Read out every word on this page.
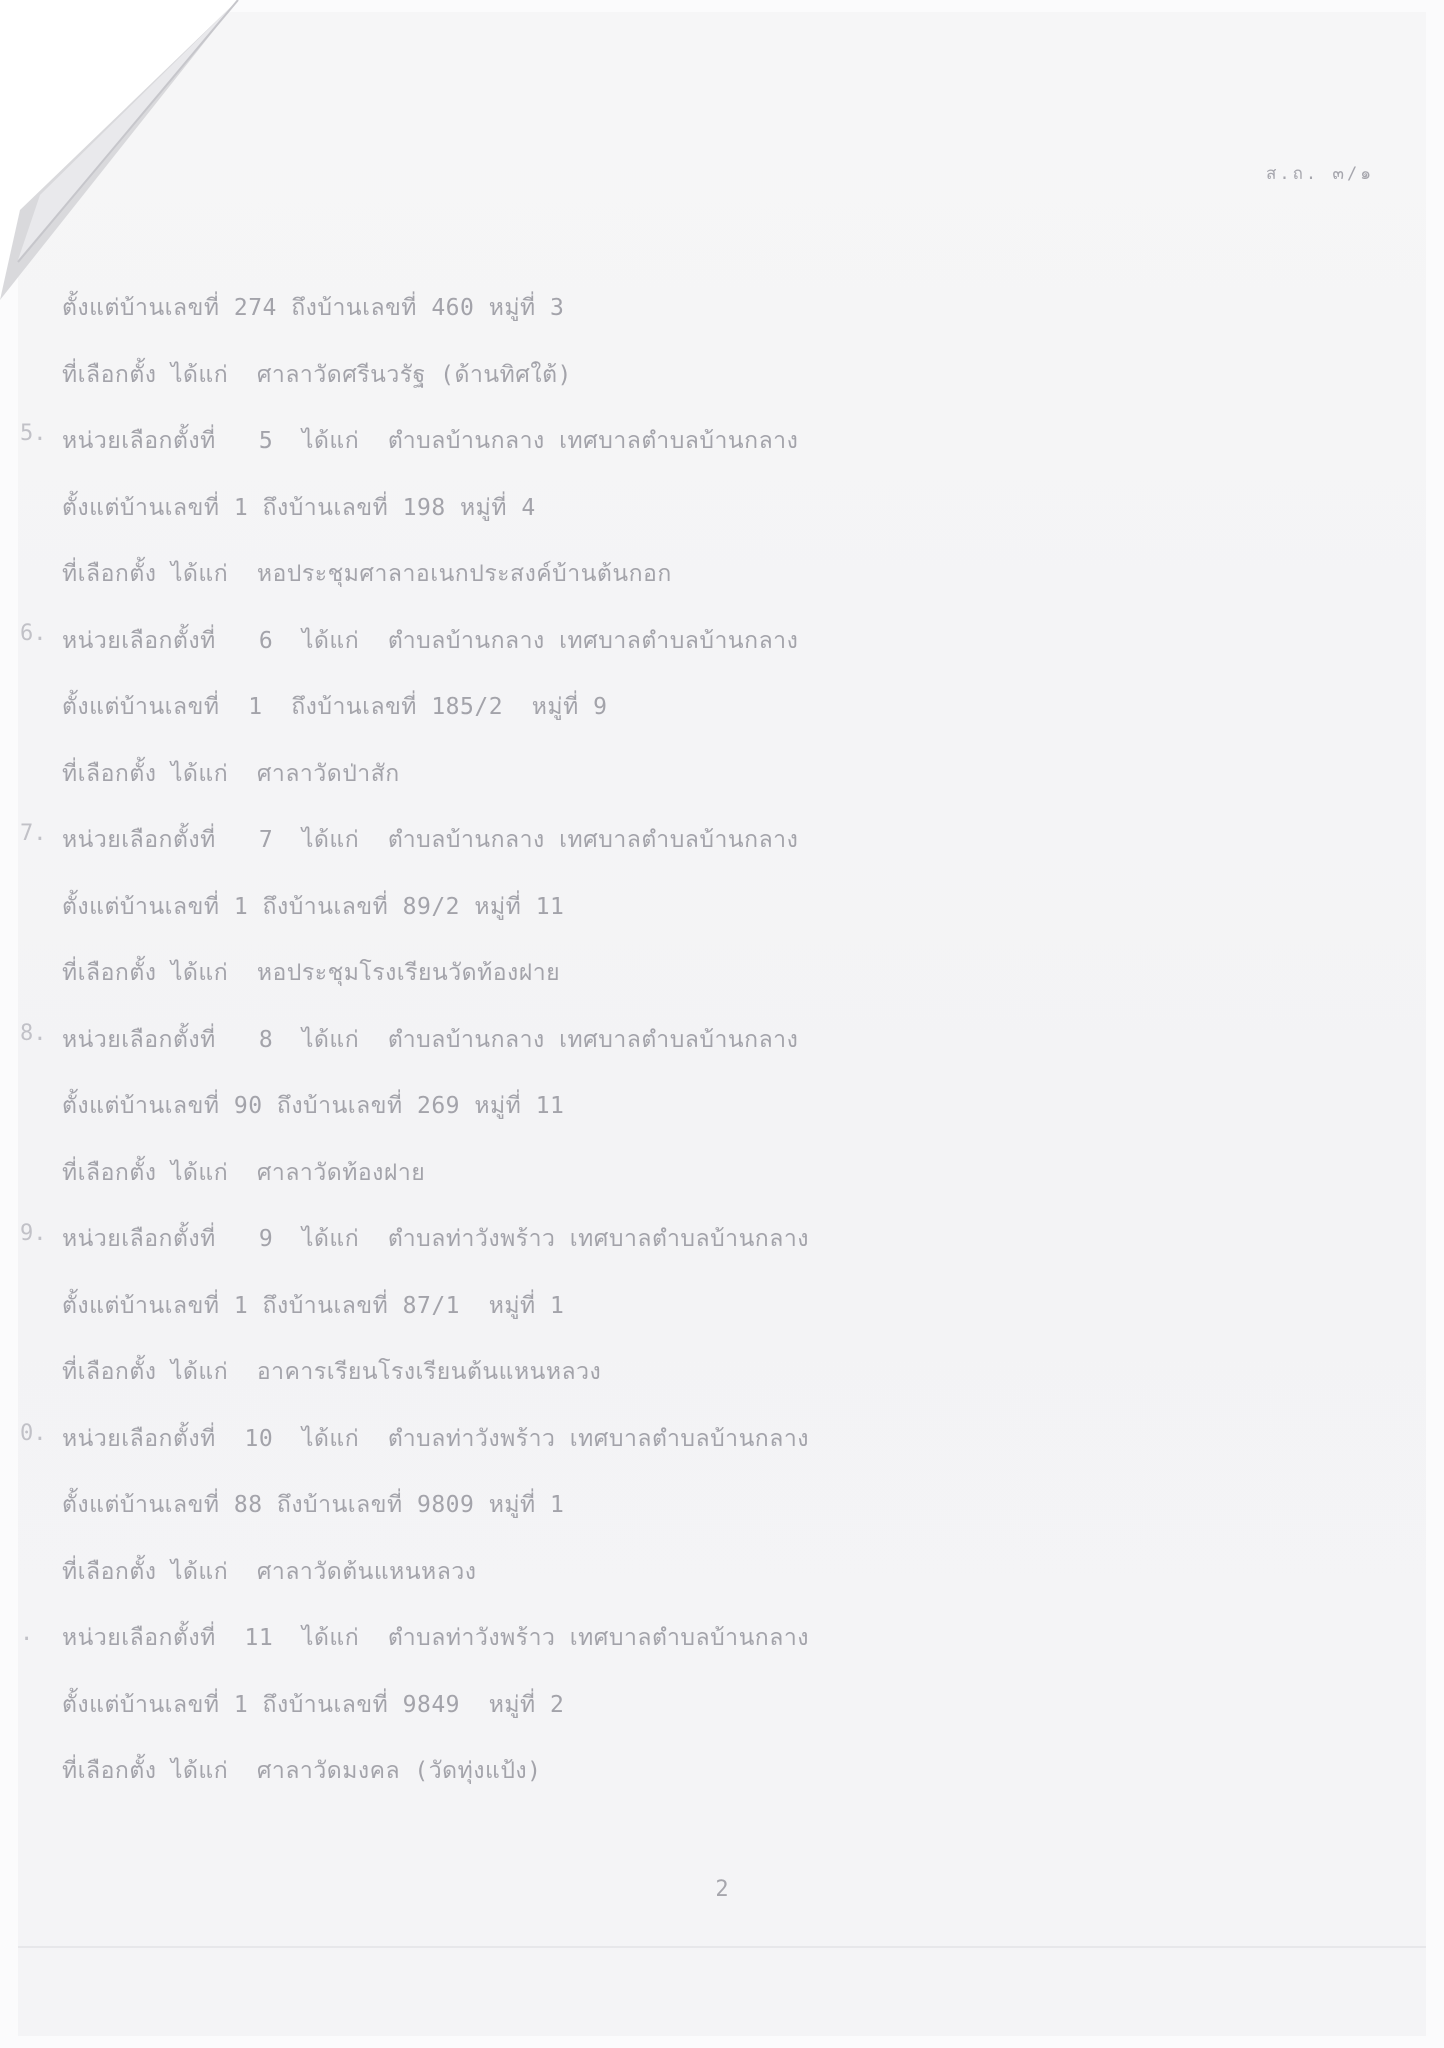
ส.ถ. ๓/๑
5.
6.
7.
8.
9.
0.
.
ตั้งแต่บ้านเลขที่ 274 ถึงบ้านเลขที่ 460 หมู่ที่ 3
ที่เลือกตั้ง ได้แก่  ศาลาวัดศรีนวรัฐ (ด้านทิศใต้)
หน่วยเลือกตั้งที่   5  ได้แก่  ตำบลบ้านกลาง เทศบาลตำบลบ้านกลาง
ตั้งแต่บ้านเลขที่ 1 ถึงบ้านเลขที่ 198 หมู่ที่ 4
ที่เลือกตั้ง ได้แก่  หอประชุมศาลาอเนกประสงค์บ้านต้นกอก
หน่วยเลือกตั้งที่   6  ได้แก่  ตำบลบ้านกลาง เทศบาลตำบลบ้านกลาง
ตั้งแต่บ้านเลขที่  1  ถึงบ้านเลขที่ 185/2  หมู่ที่ 9
ที่เลือกตั้ง ได้แก่  ศาลาวัดป่าสัก
หน่วยเลือกตั้งที่   7  ได้แก่  ตำบลบ้านกลาง เทศบาลตำบลบ้านกลาง
ตั้งแต่บ้านเลขที่ 1 ถึงบ้านเลขที่ 89/2 หมู่ที่ 11
ที่เลือกตั้ง ได้แก่  หอประชุมโรงเรียนวัดท้องฝาย
หน่วยเลือกตั้งที่   8  ได้แก่  ตำบลบ้านกลาง เทศบาลตำบลบ้านกลาง
ตั้งแต่บ้านเลขที่ 90 ถึงบ้านเลขที่ 269 หมู่ที่ 11
ที่เลือกตั้ง ได้แก่  ศาลาวัดท้องฝาย
หน่วยเลือกตั้งที่   9  ได้แก่  ตำบลท่าวังพร้าว เทศบาลตำบลบ้านกลาง
ตั้งแต่บ้านเลขที่ 1 ถึงบ้านเลขที่ 87/1  หมู่ที่ 1
ที่เลือกตั้ง ได้แก่  อาคารเรียนโรงเรียนต้นแหนหลวง
หน่วยเลือกตั้งที่  10  ได้แก่  ตำบลท่าวังพร้าว เทศบาลตำบลบ้านกลาง
ตั้งแต่บ้านเลขที่ 88 ถึงบ้านเลขที่ 9809 หมู่ที่ 1
ที่เลือกตั้ง ได้แก่  ศาลาวัดต้นแหนหลวง
หน่วยเลือกตั้งที่  11  ได้แก่  ตำบลท่าวังพร้าว เทศบาลตำบลบ้านกลาง
ตั้งแต่บ้านเลขที่ 1 ถึงบ้านเลขที่ 9849  หมู่ที่ 2
ที่เลือกตั้ง ได้แก่  ศาลาวัดมงคล (วัดทุ่งแป้ง)
2
